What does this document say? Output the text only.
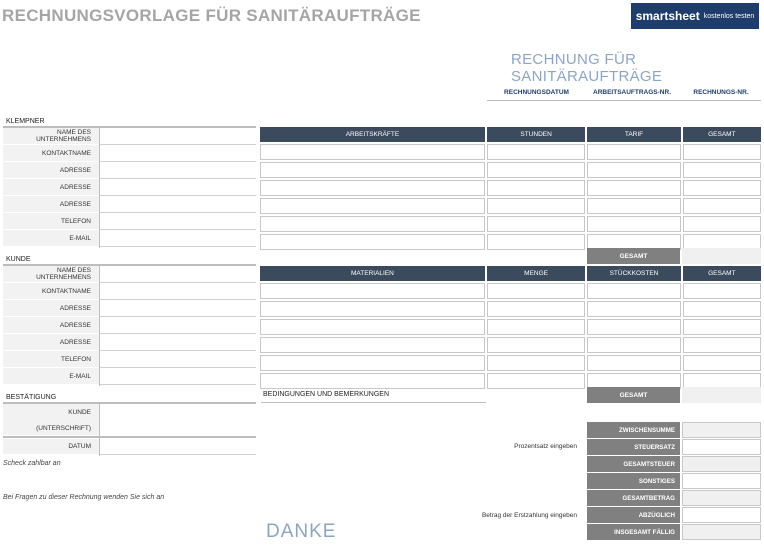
RECHNUNGSVORLAGE FÜR SANITÄRAUFTRÄGE	smartsheet kostenlos testen
RECHNUNG FÜR SANITÄRAUFTRÄGE
RECHNUNGSDATUM	ARBEITSAUFTRAGS-NR.	RECHNUNGS-NR.
KLEMPNER
NAME DES UNTERNEHMENS
KONTAKTNAME
ADRESSE
ADRESSE
ADRESSE
TELEFON
E-MAIL
KUNDE
NAME DES UNTERNEHMENS
KONTAKTNAME
ADRESSE
ADRESSE
ADRESSE
TELEFON
E-MAIL
BESTÄTIGUNG
KUNDE
(UNTERSCHRIFT)
DATUM
Scheck zahlbar an
Bei Fragen zu dieser Rechnung wenden Sie sich an
ARBEITSKRÄFTE	STUNDEN	TARIF	GESAMT

GESAMT
MATERIALIEN	MENGE	STÜCKKOSTEN	GESAMT

GESAMT
BEDINGUNGEN UND BEMERKUNGEN
ZWISCHENSUMME
STEUERSATZ
GESAMTSTEUER
SONSTIGES
GESAMTBETRAG
ABZÜGLICH
INSGESAMT FÄLLIG
Prozentsatz eingeben
Betrag der Erstzahlung eingeben
DANKE
